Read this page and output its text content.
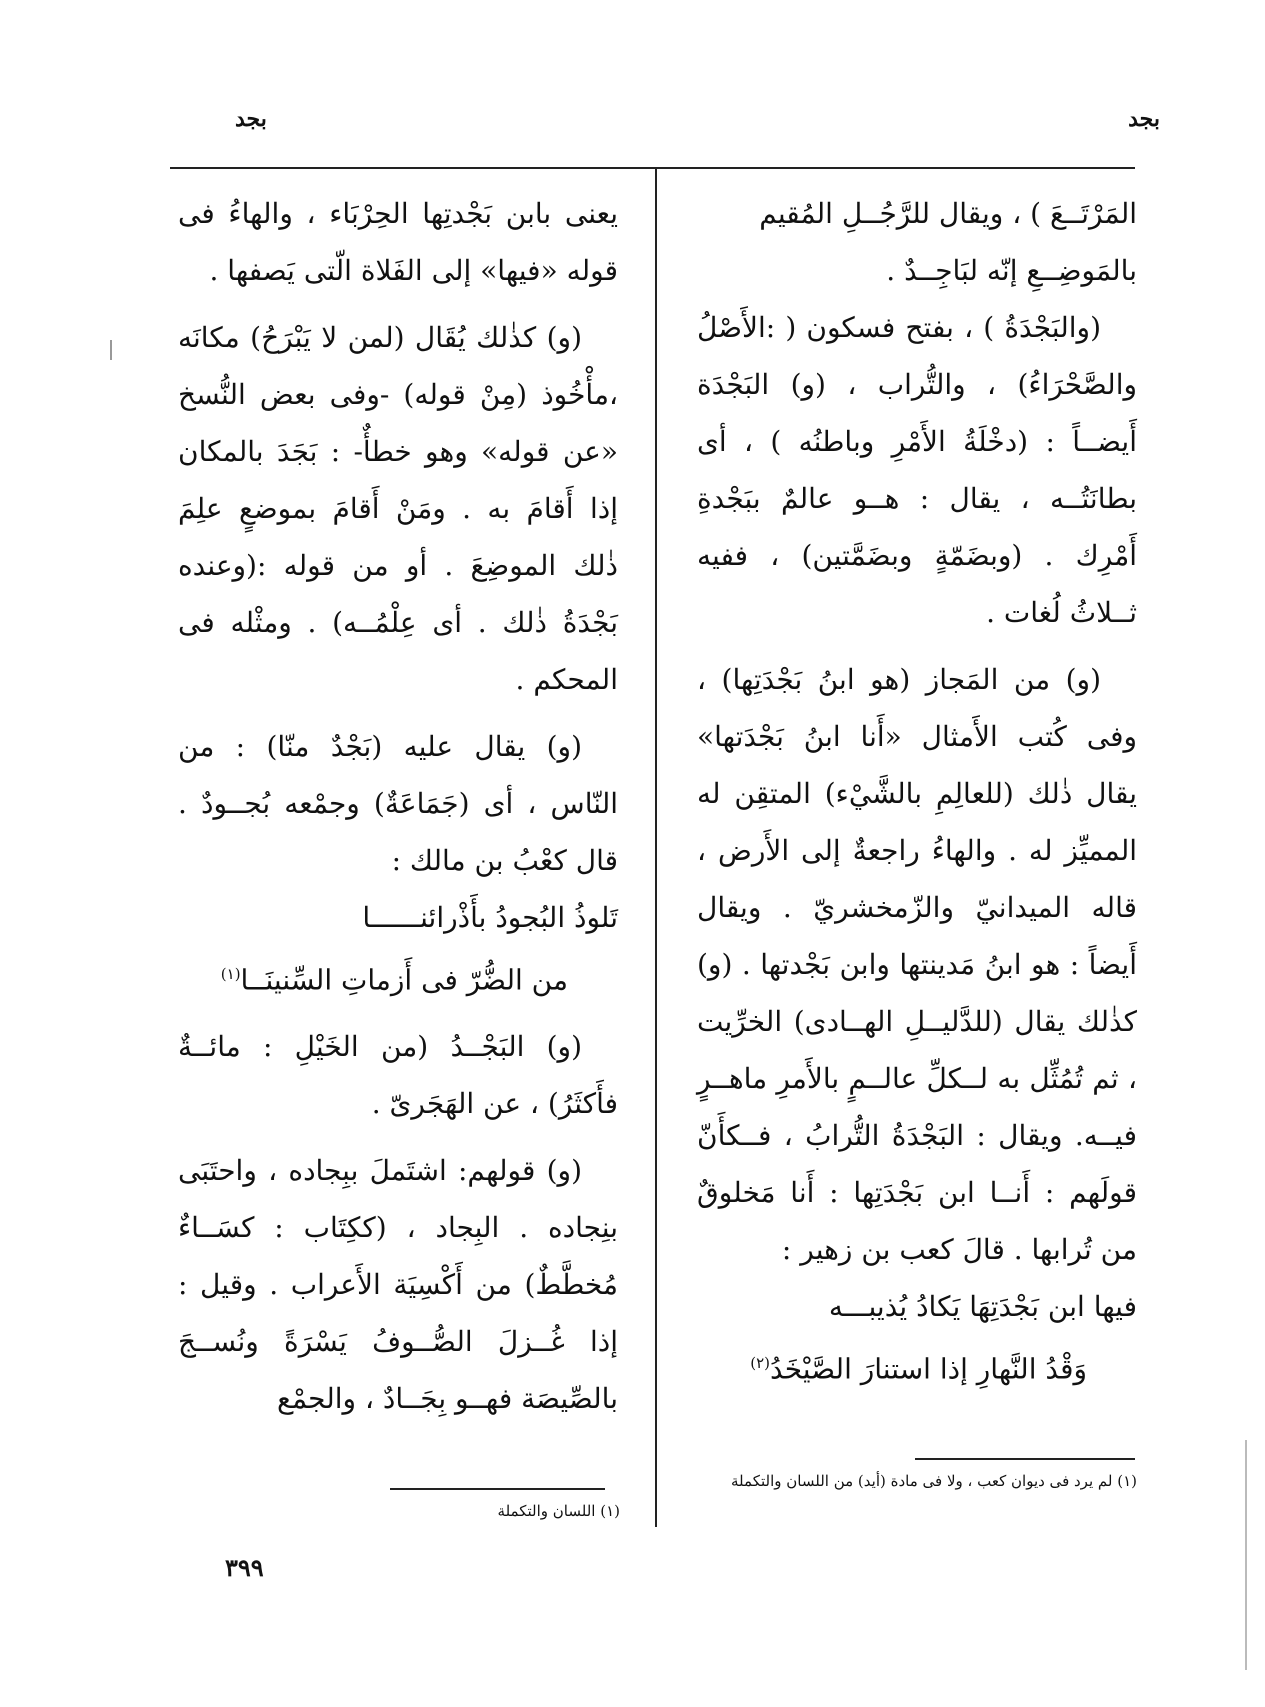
بجد
بجد

المَرْتَــعَ ) ، ويقال للرَّجُــلِ المُقيم

بالمَوضِــعِ إنّه لبَاجِــدٌ .

(والبَجْدَةُ ) ، بفتح فسكون ( :الأَصْلُ والصَّحْرَاءُ) ، والتُّراب ، (و) البَجْدَة أَيضــاً : (دخْلَةُ الأَمْرِ وباطنُه ) ، أى بطانَتُــه ، يقال : هــو عالمٌ ببَجْدةِ أَمْرِك . (وبضَمّةٍ وبضَمَّتين) ، ففيه ثــلاثُ لُغات .

(و) من المَجاز (هو ابنُ بَجْدَتِها) ، وفى كُتب الأَمثال «أَنا ابنُ بَجْدَتها» يقال ذٰلك (للعالِمِ بالشَّيْء) المتقِن له المميِّز له . والهاءُ راجعةٌ إلى الأَرض ، قاله الميدانيّ والزّمخشريّ . ويقال أَيضاً : هو ابنُ مَدينتها وابن بَجْدتها . (و) كذٰلك يقال (للدَّليــلِ الهــادى) الخرِّيت ، ثم تُمُثِّل به لــكلِّ عالــمٍ بالأَمرِ ماهــرٍ فيــه. ويقال : البَجْدَةُ التُّرابُ ، فــكأَنّ قولَهم : أَنــا ابن بَجْدَتِها : أَنا مَخلوقٌ من تُرابها . قالَ كعب بن زهير :

فيها ابن بَجْدَتِهَا يَكادُ يُذيبـــه

وَقْدُ النَّهارِ إذا استنارَ الصَّيْخَدُ$^{(٢)}$

يعنى بابن بَجْدتِها الحِرْبَاء ، والهاءُ فى قوله «فيها» إلى الفَلاة الّتى يَصفها .

(و) كذٰلك يُقَال (لمن لا يَبْرَحُ) مكانَه ،مأْخُوذ (مِنْ قوله) -وفى بعض النُّسخ «عن قوله» وهو خطأٌ- : بَجَدَ بالمكان إذا أَقامَ به . ومَنْ أَقامَ بموضعٍ علِمَ ذٰلك الموضِعَ . أو من قوله :(وعنده بَجْدَةُ ذٰلك . أى عِلْمُــه) . ومثْله فى المحكم .

(و) يقال عليه (بَجْدٌ منّا) : من النّاس ، أى (جَمَاعَةٌ) وجمْعه بُجــودٌ . قال كعْبُ بن مالك :

تَلوذُ البُجودُ بأَذْرائنــــــا

من الضُّرّ فى أَزماتِ السِّنينَــا$^{(١)}$

(و) البَجْــدُ (من الخَيْلِ : مائــةٌ فأَكثَرُ) ، عن الهَجَرىّ .

(و) قولهم: اشتَملَ ببِجاده ، واحتَبَى بنِجاده . البِجاد ، (ككِتَاب : كسَــاءٌ مُخطَّطٌ) من أَكْسِيَة الأَعراب . وقيل : إذا غُــزلَ الصُّــوفُ يَسْرَةً ونُســجَ بالصِّيصَة فهــو بِجَــادٌ ، والجمْع

(١) لم يرد فى ديوان كعب ، ولا فى مادة (أيد) من اللسان والتكملة
(١) اللسان والتكملة
٣٩٩
